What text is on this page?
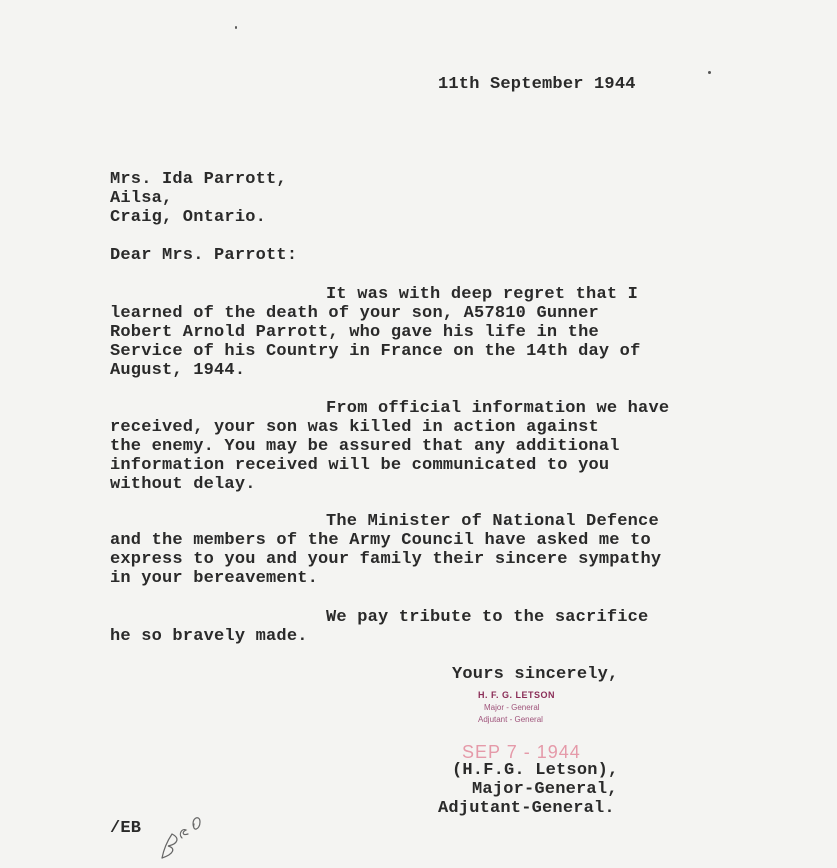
11th September 1944
Mrs. Ida Parrott,
Ailsa,
Craig, Ontario.
Dear Mrs. Parrott:
It was with deep regret that I
learned of the death of your son, A57810 Gunner
Robert Arnold Parrott, who gave his life in the
Service of his Country in France on the 14th day of
August, 1944.
From official information we have
received, your son was killed in action against
the enemy. You may be assured that any additional
information received will be communicated to you
without delay.
The Minister of National Defence
and the members of the Army Council have asked me to
express to you and your family their sincere sympathy
in your bereavement.
We pay tribute to the sacrifice
he so bravely made.
Yours sincerely,
H. F. G. LETSON
Major - General
Adjutant - General
SEP 7 - 1944
(H.F.G. Letson),
Major-General,
Adjutant-General.
/EB
